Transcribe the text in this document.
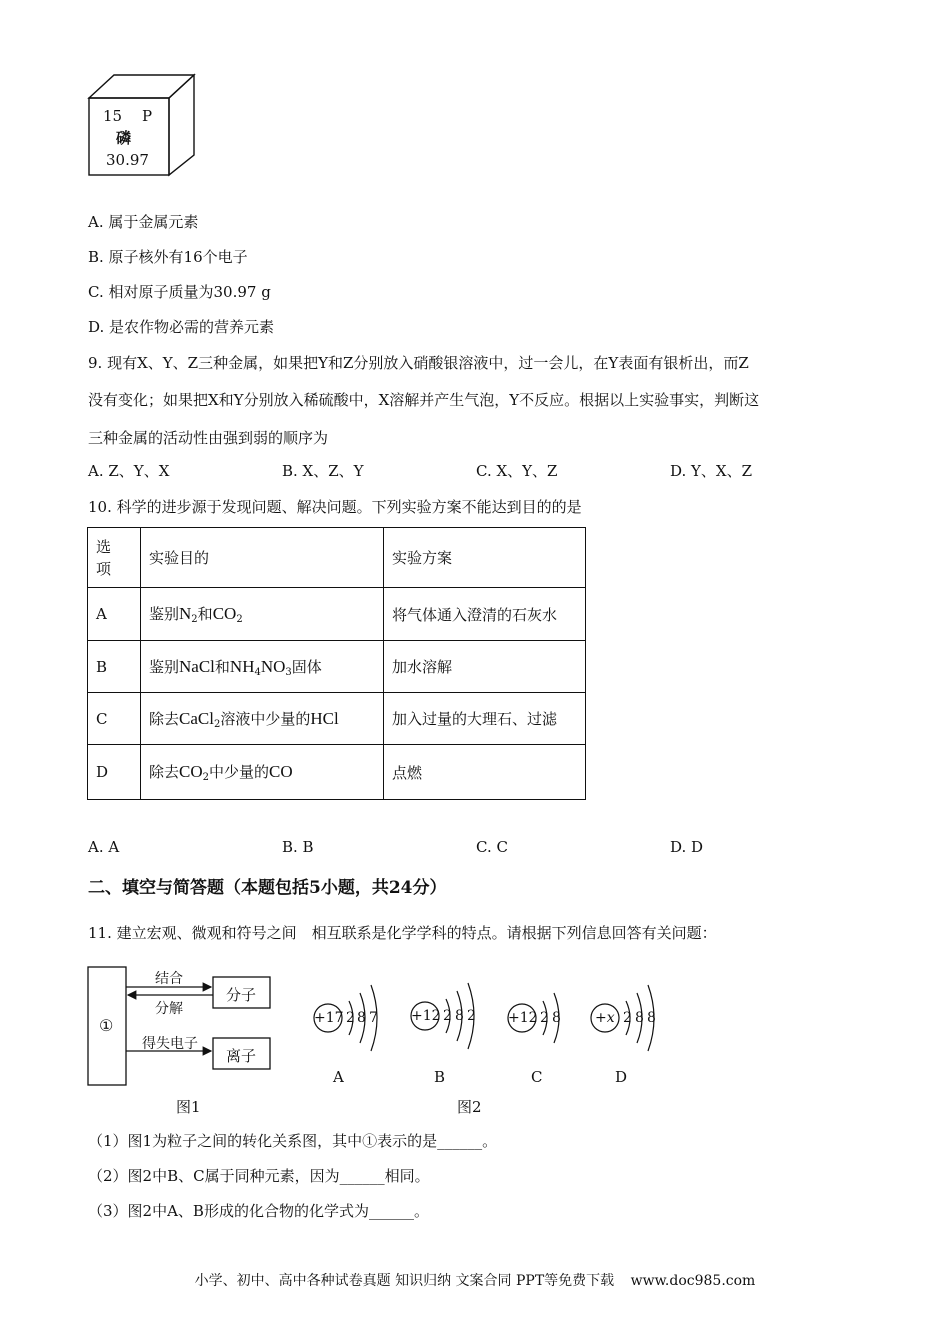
15 P
磷
30.97
A. 属于金属元素
B. 原子核外有16个电子
C. 相对原子质量为30.97 g
D. 是农作物必需的营养元素
9. 现有X、Y、Z三种金属，如果把Y和Z分别放入硝酸银溶液中，过一会儿，在Y表面有银析出，而Z
没有变化；如果把X和Y分别放入稀硫酸中，X溶解并产生气泡，Y不反应。根据以上实验事实，判断这
三种金属的活动性由强到弱的顺序为
A. Z、Y、X	B. X、Z、Y	C. X、Y、Z	D. Y、X、Z
10. 科学的进步源于发现问题、解决问题。下列实验方案不能达到目的的是
选项	实验目的	实验方案
A	鉴别$N_2$和$CO_2$	将气体通入澄清的石灰水
B	鉴别NaCl和$NH_4NO_3$固体	加水溶解
C	除去CaCl$_2$溶液中少量的HCl	加入过量的大理石、过滤
D	除去$CO_2$中少量的CO	点燃
A. A	B. B	C. C	D. D
二、填空与简答题（本题包括5小题，共24分）
11. 建立宏观、微观和符号之间　相互联系是化学学科的特点。请根据下列信息回答有关问题：
①
结合
分解
分子
得失电子
离子
图1
+17 2 8 7
A
+12 2 8 2
B
+12 2 8
C
+x 2 8 8
D
图2
（1）图1为粒子之间的转化关系图，其中①表示的是______。
（2）图2中B、C属于同种元素，因为______相同。
（3）图2中A、B形成的化合物的化学式为______。
小学、初中、高中各种试卷真题 知识归纳 文案合同 PPT等免费下载 www.doc985.com
